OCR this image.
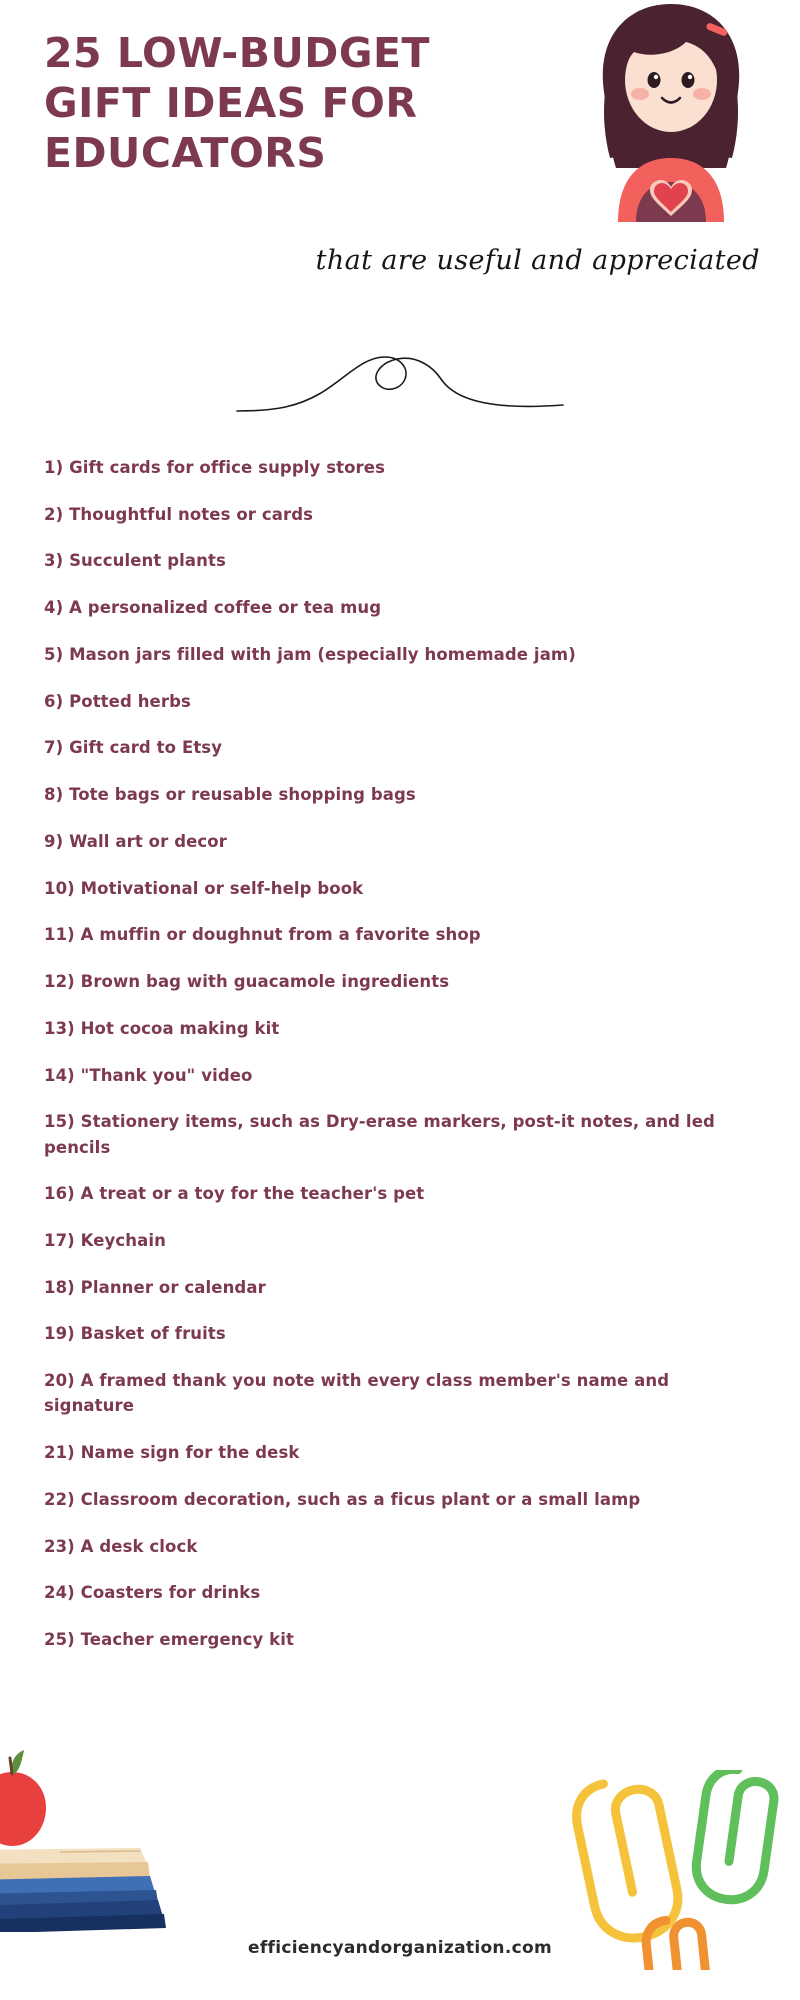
25 LOW-BUDGET
GIFT IDEAS FOR
EDUCATORS
that are useful and appreciated
1) Gift cards for office supply stores
2) Thoughtful notes or cards
3) Succulent plants
4) A personalized coffee or tea mug
5) Mason jars filled with jam (especially homemade jam)
6) Potted herbs
7) Gift card to Etsy
8) Tote bags or reusable shopping bags
9) Wall art or decor
10) Motivational or self-help book
11) A muffin or doughnut from a favorite shop
12) Brown bag with guacamole ingredients
13) Hot cocoa making kit
14) "Thank you" video
15) Stationery items, such as Dry-erase markers, post-it notes, and led pencils
16) A treat or a toy for the teacher's pet
17) Keychain
18) Planner or calendar
19) Basket of fruits
20) A framed thank you note with every class member's name and signature
21) Name sign for the desk
22) Classroom decoration, such as a ficus plant or a small lamp
23) A desk clock
24) Coasters for drinks
25) Teacher emergency kit
efficiencyandorganization.com
